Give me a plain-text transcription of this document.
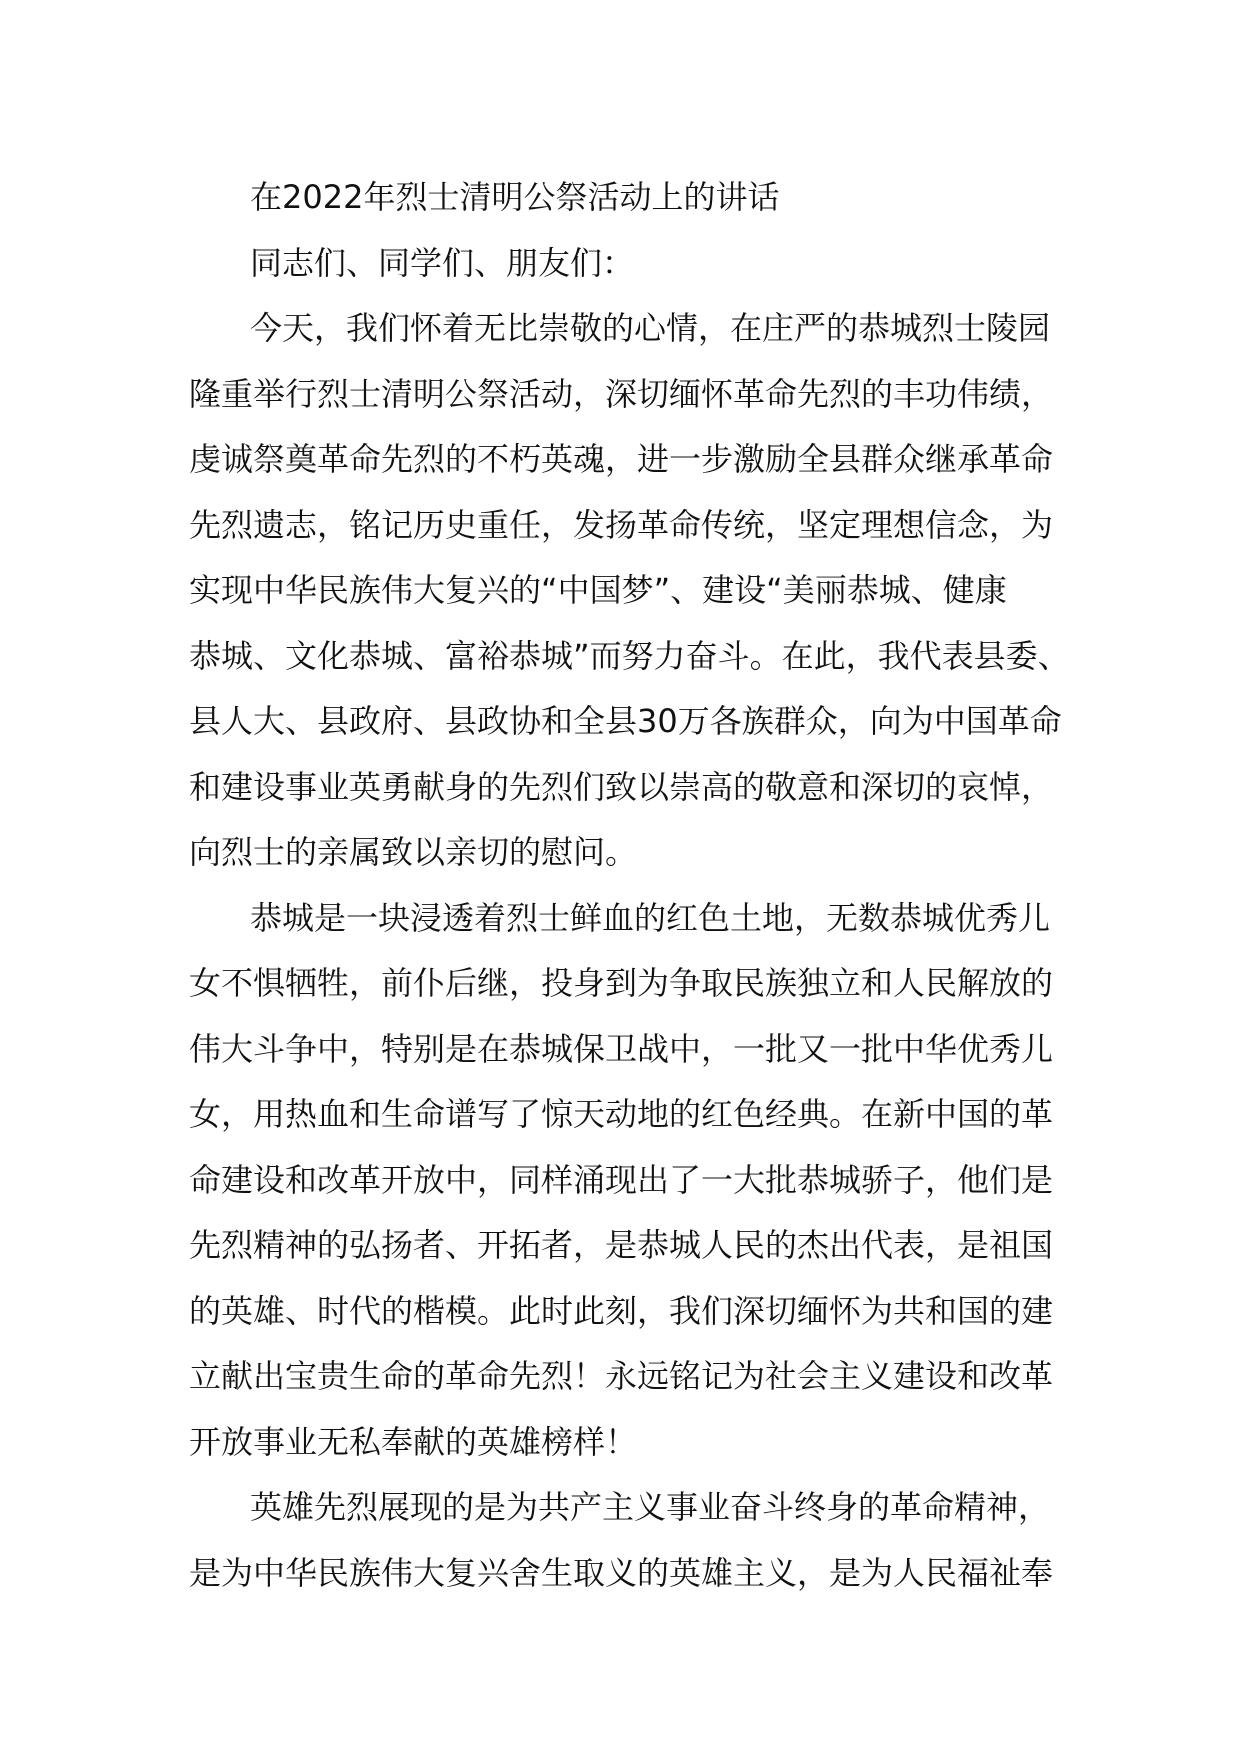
在2022年烈士清明公祭活动上的讲话
同志们、同学们、朋友们：
今天，我们怀着无比崇敬的心情，在庄严的恭城烈士陵园
隆重举行烈士清明公祭活动，深切缅怀革命先烈的丰功伟绩，
虔诚祭奠革命先烈的不朽英魂，进一步激励全县群众继承革命
先烈遗志，铭记历史重任，发扬革命传统，坚定理想信念，为
实现中华民族伟大复兴的“中国梦”、建设“美丽恭城、健康
恭城、文化恭城、富裕恭城”而努力奋斗。在此，我代表县委、
县人大、县政府、县政协和全县30万各族群众，向为中国革命
和建设事业英勇献身的先烈们致以崇高的敬意和深切的哀悼，
向烈士的亲属致以亲切的慰问。
恭城是一块浸透着烈士鲜血的红色土地，无数恭城优秀儿
女不惧牺牲，前仆后继，投身到为争取民族独立和人民解放的
伟大斗争中，特别是在恭城保卫战中，一批又一批中华优秀儿
女，用热血和生命谱写了惊天动地的红色经典。在新中国的革
命建设和改革开放中，同样涌现出了一大批恭城骄子，他们是
先烈精神的弘扬者、开拓者，是恭城人民的杰出代表，是祖国
的英雄、时代的楷模。此时此刻，我们深切缅怀为共和国的建
立献出宝贵生命的革命先烈！永远铭记为社会主义建设和改革
开放事业无私奉献的英雄榜样！
英雄先烈展现的是为共产主义事业奋斗终身的革命精神，
是为中华民族伟大复兴舍生取义的英雄主义，是为人民福祉奉
